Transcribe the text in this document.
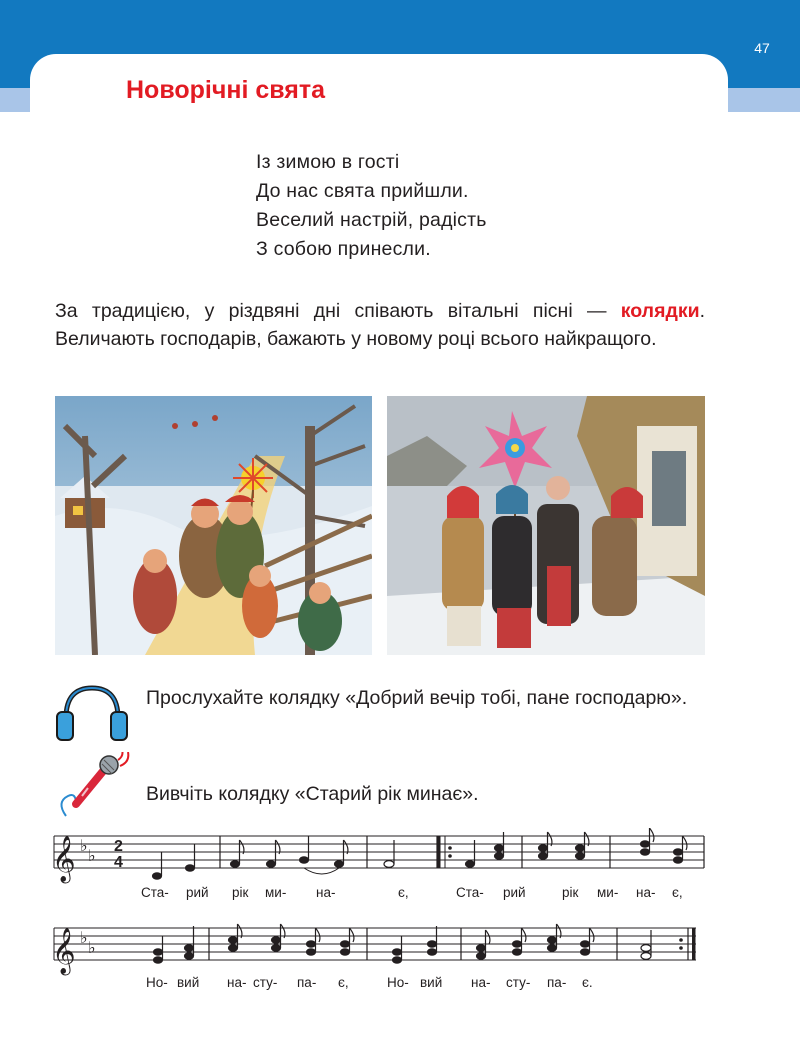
47
Новорічні свята
Із зимою в гості
До нас свята прийшли.
Веселий настрій, радість
З собою принесли.
За традицією, у різдвяні дні співають вітальні пісні — колядки. Величають господарів, бажають у новому році всього найкращого.
Прослухайте колядку «Добрий вечір тобі, пане господарю».
Вивчіть колядку «Старий рік минає».
𝄞 ♭
♭ 2
4
Ста- рий рік ми- на-	є,	Ста- рий	рік ми- на- є,
𝄞 ♭
♭
Но- вий на- сту- па- є,	Но- вий на- сту- па- є.
